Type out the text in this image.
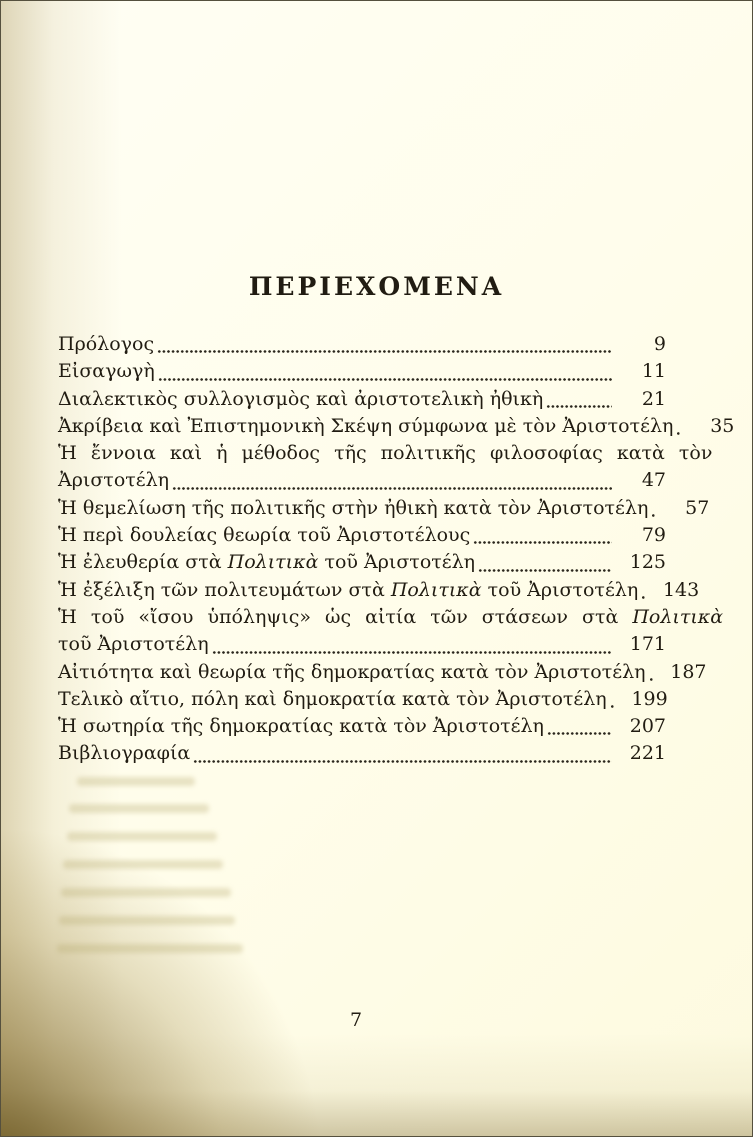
ΠΕΡΙΕΧΟΜΕΝΑ
Πρόλογος	9
Εἰσαγωγὴ	11
Διαλεκτικὸς συλλογισμὸς καὶ ἀριστοτελικὴ ἠθικὴ	21
Ἀκρίβεια καὶ Ἐπιστημονικὴ Σκέψη σύμφωνα μὲ τὸν Ἀριστοτέλη	35
Ἡ ἔννοια καὶ ἡ μέθοδος τῆς πολιτικῆς φιλοσοφίας κατὰ τὸν
Ἀριστοτέλη	47
Ἡ θεμελίωση τῆς πολιτικῆς στὴν ἠθικὴ κατὰ τὸν Ἀριστοτέλη	57
Ἡ περὶ δουλείας θεωρία τοῦ Ἀριστοτέλους	79
Ἡ ἐλευθερία στὰ Πολιτικὰ τοῦ Ἀριστοτέλη	125
Ἡ ἐξέλιξη τῶν πολιτευμάτων στὰ Πολιτικὰ τοῦ Ἀριστοτέλη	143
Ἡ τοῦ «ἴσου ὑπόληψις» ὡς αἰτία τῶν στάσεων στὰ Πολιτικὰ
τοῦ Ἀριστοτέλη	171
Αἰτιότητα καὶ θεωρία τῆς δημοκρατίας κατὰ τὸν Ἀριστοτέλη	187
Τελικὸ αἴτιο, πόλη καὶ δημοκρατία κατὰ τὸν Ἀριστοτέλη	199
Ἡ σωτηρία τῆς δημοκρατίας κατὰ τὸν Ἀριστοτέλη	207
Βιβλιογραφία	221
7
